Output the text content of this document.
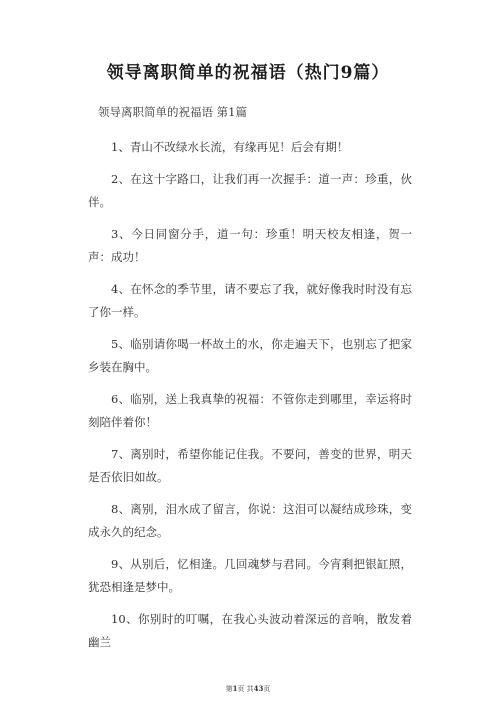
领导离职简单的祝福语（热门9篇）
领导离职简单的祝福语 第1篇

1、青山不改绿水长流，有缘再见！后会有期！

2、在这十字路口，让我们再一次握手：道一声：珍重，伙伴。

3、今日同窗分手，道一句：珍重！明天校友相逢，贺一声：成功！

4、在怀念的季节里，请不要忘了我，就好像我时时没有忘了你一样。

5、临别请你喝一杯故土的水，你走遍天下，也别忘了把家乡装在胸中。

6、临别，送上我真挚的祝福：不管你走到哪里，幸运将时刻陪伴着你！

7、离别时，希望你能记住我。不要问，善变的世界，明天是否依旧如故。

8、离别，泪水成了留言，你说：这泪可以凝结成珍珠，变成永久的纪念。

9、从别后，忆相逢。几回魂梦与君同。今宵剩把银缸照，犹恐相逢是梦中。

10、你别时的叮嘱，在我心头波动着深远的音响，散发着幽兰

第1页 共43页
